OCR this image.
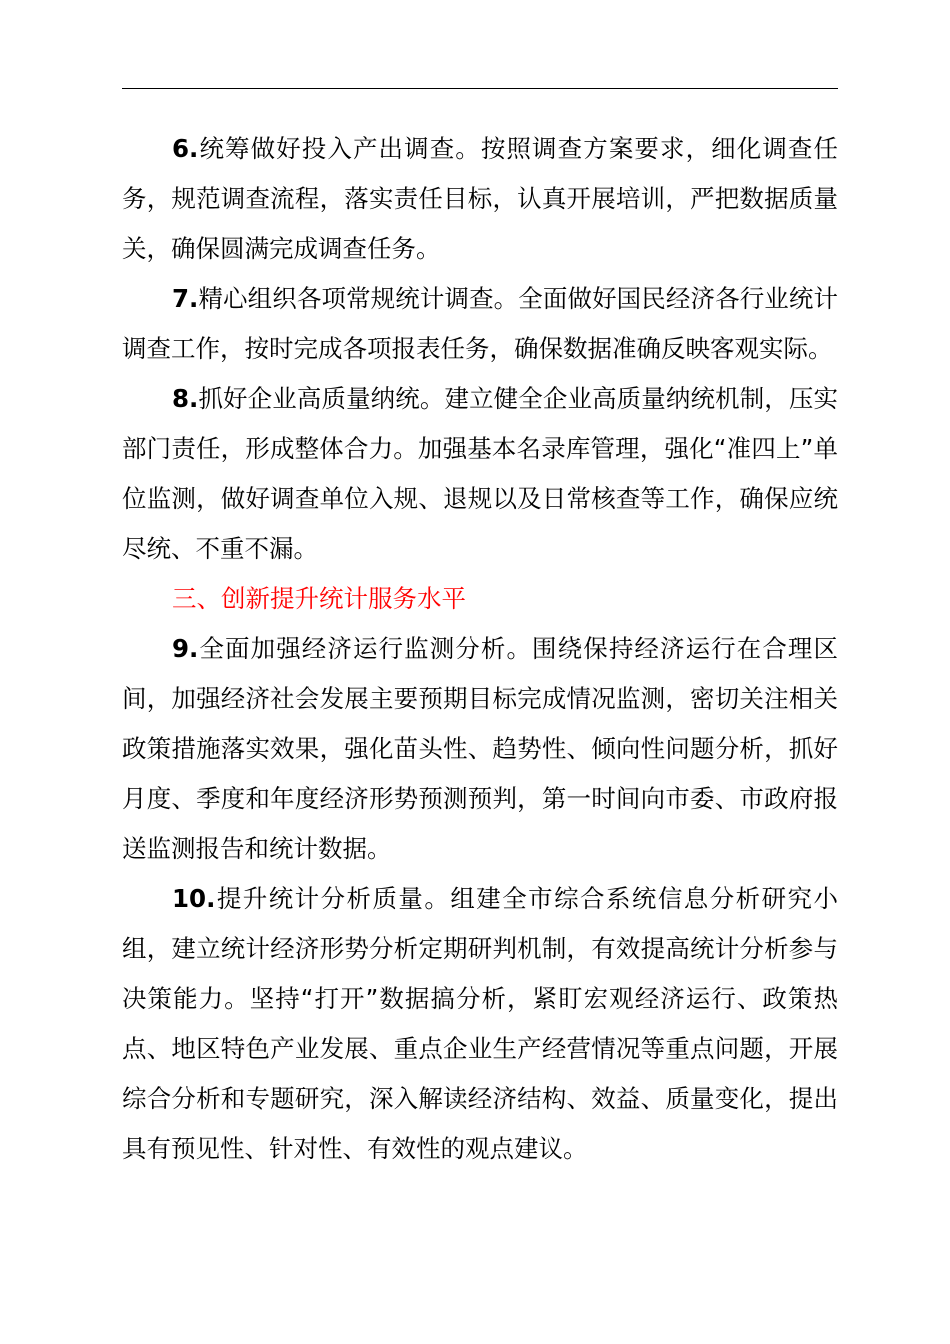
6.统筹做好投入产出调查。按照调查方案要求，细化调查任务，规范调查流程，落实责任目标，认真开展培训，严把数据质量关，确保圆满完成调查任务。

7.精心组织各项常规统计调查。全面做好国民经济各行业统计调查工作，按时完成各项报表任务，确保数据准确反映客观实际。

8.抓好企业高质量纳统。建立健全企业高质量纳统机制，压实部门责任，形成整体合力。加强基本名录库管理，强化“准四上”单位监测，做好调查单位入规、退规以及日常核查等工作，确保应统尽统、不重不漏。

三、创新提升统计服务水平

9.全面加强经济运行监测分析。围绕保持经济运行在合理区间，加强经济社会发展主要预期目标完成情况监测，密切关注相关政策措施落实效果，强化苗头性、趋势性、倾向性问题分析，抓好月度、季度和年度经济形势预测预判，第一时间向市委、市政府报送监测报告和统计数据。

10.提升统计分析质量。组建全市综合系统信息分析研究小组，建立统计经济形势分析定期研判机制，有效提高统计分析参与决策能力。坚持“打开”数据搞分析，紧盯宏观经济运行、政策热点、地区特色产业发展、重点企业生产经营情况等重点问题，开展综合分析和专题研究，深入解读经济结构、效益、质量变化，提出具有预见性、针对性、有效性的观点建议。
